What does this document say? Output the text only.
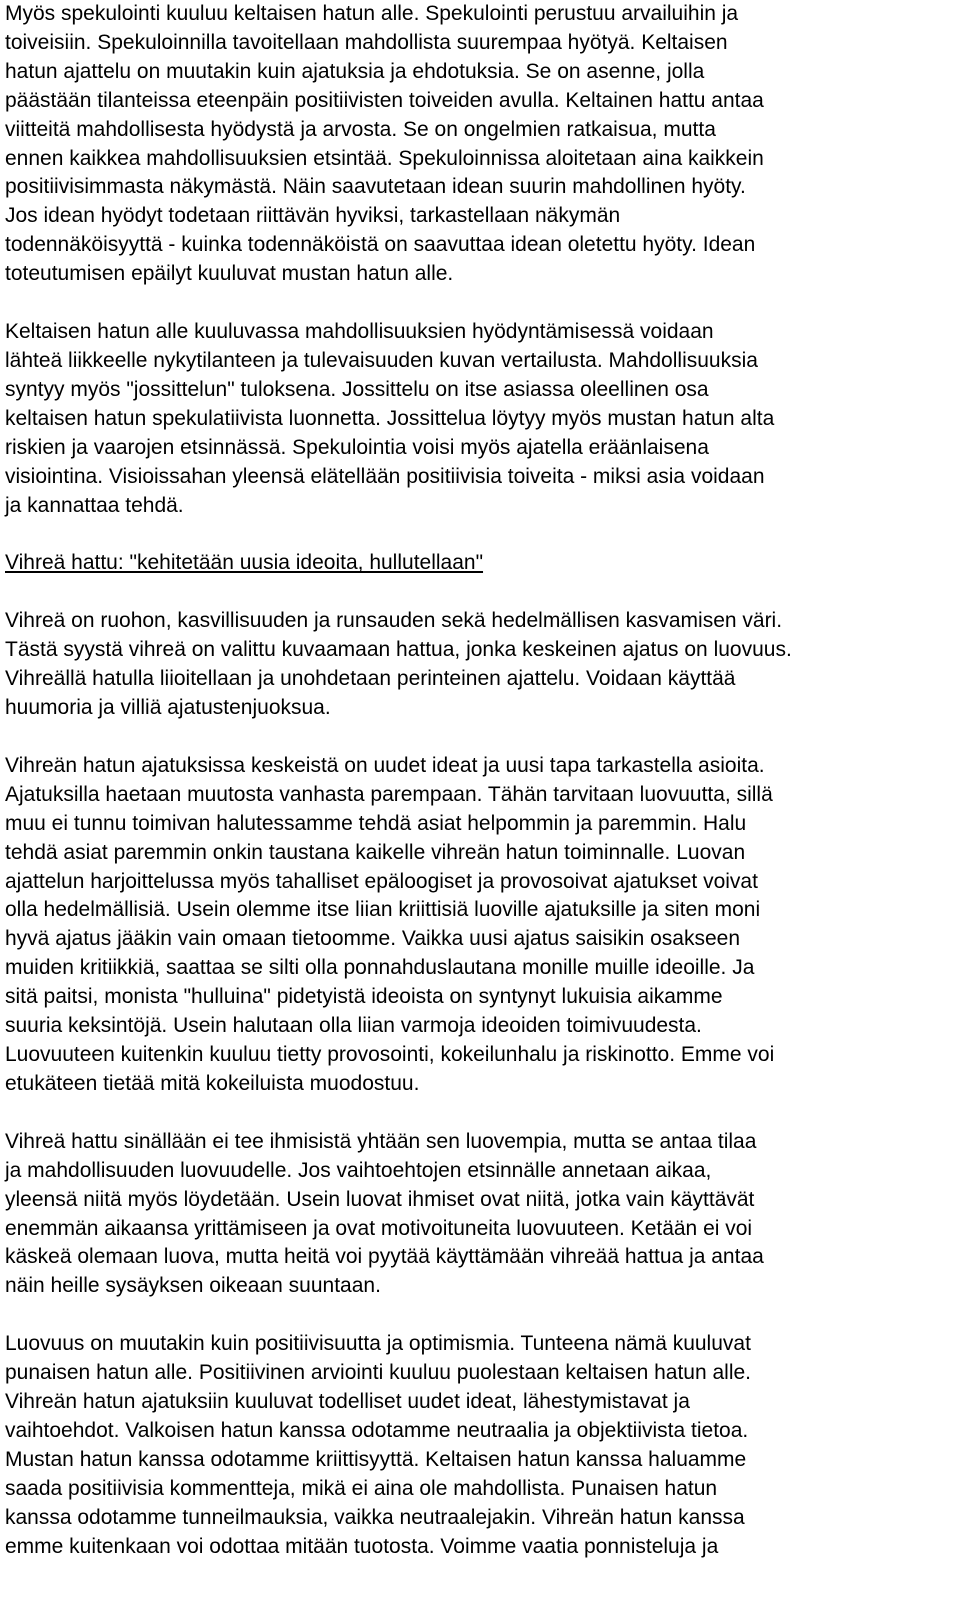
Myös spekulointi kuuluu keltaisen hatun alle. Spekulointi perustuu arvailuihin ja
toiveisiin. Spekuloinnilla tavoitellaan mahdollista suurempaa hyötyä. Keltaisen
hatun ajattelu on muutakin kuin ajatuksia ja ehdotuksia. Se on asenne, jolla
päästään tilanteissa eteenpäin positiivisten toiveiden avulla. Keltainen hattu antaa
viitteitä mahdollisesta hyödystä ja arvosta. Se on ongelmien ratkaisua, mutta
ennen kaikkea mahdollisuuksien etsintää. Spekuloinnissa aloitetaan aina kaikkein
positiivisimmasta näkymästä. Näin saavutetaan idean suurin mahdollinen hyöty.
Jos idean hyödyt todetaan riittävän hyviksi, tarkastellaan näkymän
todennäköisyyttä - kuinka todennäköistä on saavuttaa idean oletettu hyöty. Idean
toteutumisen epäilyt kuuluvat mustan hatun alle.

Keltaisen hatun alle kuuluvassa mahdollisuuksien hyödyntämisessä voidaan
lähteä liikkeelle nykytilanteen ja tulevaisuuden kuvan vertailusta. Mahdollisuuksia
syntyy myös "jossittelun" tuloksena. Jossittelu on itse asiassa oleellinen osa
keltaisen hatun spekulatiivista luonnetta. Jossittelua löytyy myös mustan hatun alta
riskien ja vaarojen etsinnässä. Spekulointia voisi myös ajatella eräänlaisena
visiointina. Visioissahan yleensä elätellään positiivisia toiveita - miksi asia voidaan
ja kannattaa tehdä.

Vihreä hattu: "kehitetään uusia ideoita, hullutellaan"

Vihreä on ruohon, kasvillisuuden ja runsauden sekä hedelmällisen kasvamisen väri.
Tästä syystä vihreä on valittu kuvaamaan hattua, jonka keskeinen ajatus on luovuus.
Vihreällä hatulla liioitellaan ja unohdetaan perinteinen ajattelu. Voidaan käyttää
huumoria ja villiä ajatustenjuoksua.

Vihreän hatun ajatuksissa keskeistä on uudet ideat ja uusi tapa tarkastella asioita.
Ajatuksilla haetaan muutosta vanhasta parempaan. Tähän tarvitaan luovuutta, sillä
muu ei tunnu toimivan halutessamme tehdä asiat helpommin ja paremmin. Halu
tehdä asiat paremmin onkin taustana kaikelle vihreän hatun toiminnalle. Luovan
ajattelun harjoittelussa myös tahalliset epäloogiset ja provosoivat ajatukset voivat
olla hedelmällisiä. Usein olemme itse liian kriittisiä luoville ajatuksille ja siten moni
hyvä ajatus jääkin vain omaan tietoomme. Vaikka uusi ajatus saisikin osakseen
muiden kritiikkiä, saattaa se silti olla ponnahduslautana monille muille ideoille. Ja
sitä paitsi, monista "hulluina" pidetyistä ideoista on syntynyt lukuisia aikamme
suuria keksintöjä. Usein halutaan olla liian varmoja ideoiden toimivuudesta.
Luovuuteen kuitenkin kuuluu tietty provosointi, kokeilunhalu ja riskinotto. Emme voi
etukäteen tietää mitä kokeiluista muodostuu.

Vihreä hattu sinällään ei tee ihmisistä yhtään sen luovempia, mutta se antaa tilaa
ja mahdollisuuden luovuudelle. Jos vaihtoehtojen etsinnälle annetaan aikaa,
yleensä niitä myös löydetään. Usein luovat ihmiset ovat niitä, jotka vain käyttävät
enemmän aikaansa yrittämiseen ja ovat motivoituneita luovuuteen. Ketään ei voi
käskeä olemaan luova, mutta heitä voi pyytää käyttämään vihreää hattua ja antaa
näin heille sysäyksen oikeaan suuntaan.

Luovuus on muutakin kuin positiivisuutta ja optimismia. Tunteena nämä kuuluvat
punaisen hatun alle. Positiivinen arviointi kuuluu puolestaan keltaisen hatun alle.
Vihreän hatun ajatuksiin kuuluvat todelliset uudet ideat, lähestymistavat ja
vaihtoehdot. Valkoisen hatun kanssa odotamme neutraalia ja objektiivista tietoa.
Mustan hatun kanssa odotamme kriittisyyttä. Keltaisen hatun kanssa haluamme
saada positiivisia kommentteja, mikä ei aina ole mahdollista. Punaisen hatun
kanssa odotamme tunneilmauksia, vaikka neutraalejakin. Vihreän hatun kanssa
emme kuitenkaan voi odottaa mitään tuotosta. Voimme vaatia ponnisteluja ja
